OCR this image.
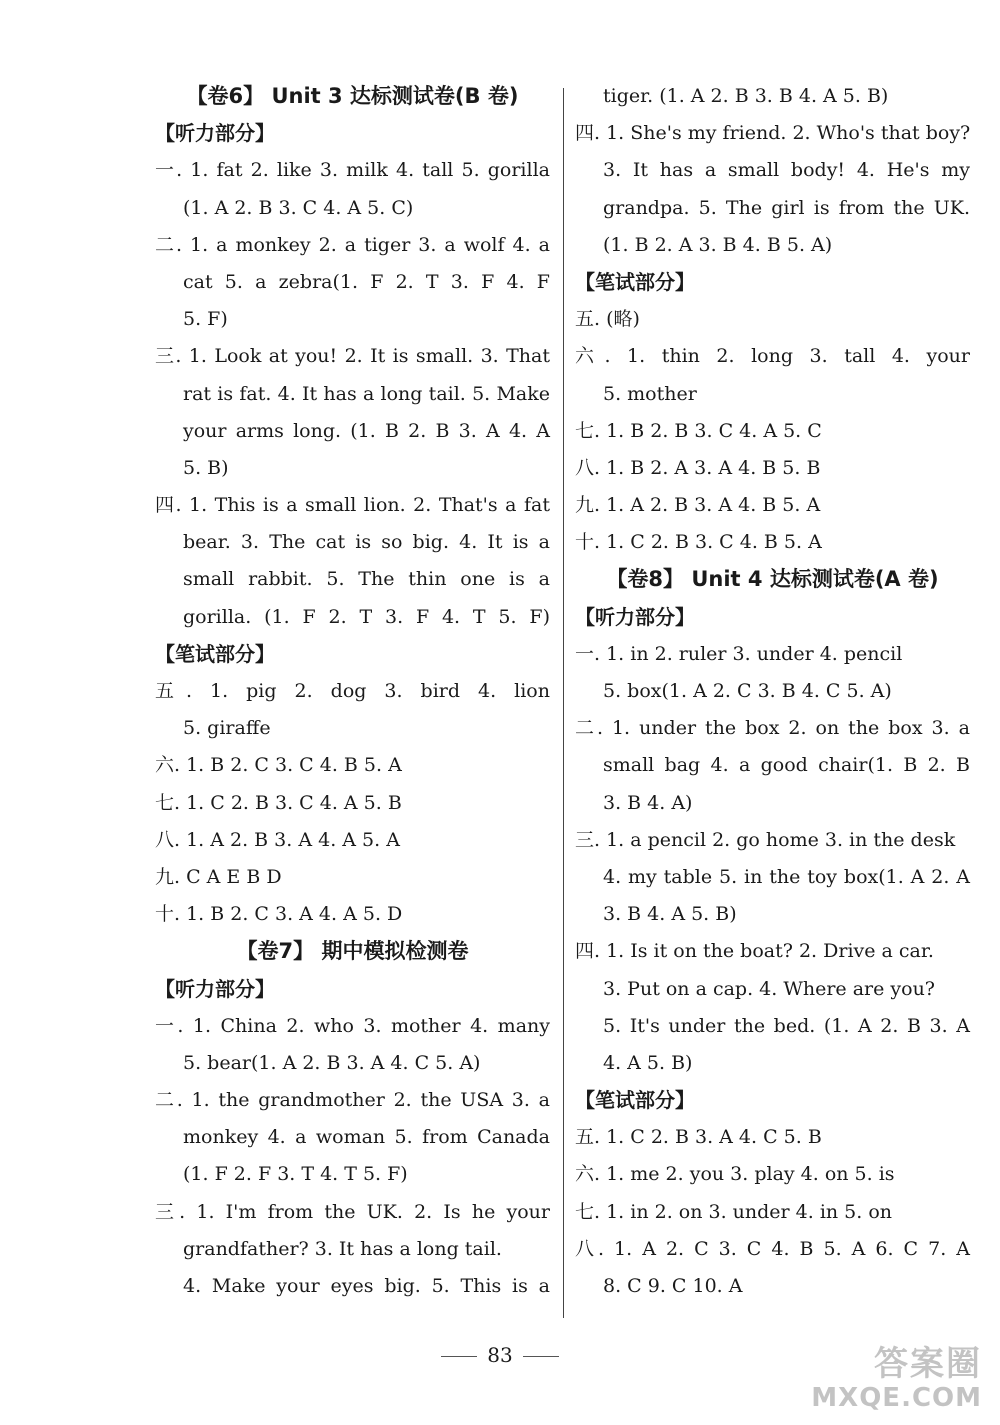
【卷6】 Unit 3 达标测试卷(B 卷)
【听力部分】
一. 1. fat 2. like 3. milk 4. tall 5. gorilla
(1. A 2. B 3. C 4. A 5. C)
二. 1. a monkey 2. a tiger 3. a wolf 4. a
cat 5. a zebra(1. F 2. T 3. F 4. F
5. F)
三. 1. Look at you! 2. It is small. 3. That
rat is fat. 4. It has a long tail. 5. Make
your arms long. (1. B 2. B 3. A 4. A
5. B)
四. 1. This is a small lion. 2. That's a fat
bear. 3. The cat is so big. 4. It is a
small rabbit. 5. The thin one is a
gorilla. (1. F 2. T 3. F 4. T 5. F)
【笔试部分】
五. 1. pig 2. dog 3. bird 4. lion
5. giraffe
六. 1. B 2. C 3. C 4. B 5. A
七. 1. C 2. B 3. C 4. A 5. B
八. 1. A 2. B 3. A 4. A 5. A
九. C A E B D
十. 1. B 2. C 3. A 4. A 5. D
【卷7】 期中模拟检测卷
【听力部分】
一. 1. China 2. who 3. mother 4. many
5. bear(1. A 2. B 3. A 4. C 5. A)
二. 1. the grandmother 2. the USA 3. a
monkey 4. a woman 5. from Canada
(1. F 2. F 3. T 4. T 5. F)
三. 1. I'm from the UK. 2. Is he your
grandfather? 3. It has a long tail.
4. Make your eyes big. 5. This is a
tiger. (1. A 2. B 3. B 4. A 5. B)
四. 1. She's my friend. 2. Who's that boy?
3. It has a small body! 4. He's my
grandpa. 5. The girl is from the UK.
(1. B 2. A 3. B 4. B 5. A)
【笔试部分】
五. (略)
六. 1. thin 2. long 3. tall 4. your
5. mother
七. 1. B 2. B 3. C 4. A 5. C
八. 1. B 2. A 3. A 4. B 5. B
九. 1. A 2. B 3. A 4. B 5. A
十. 1. C 2. B 3. C 4. B 5. A
【卷8】 Unit 4 达标测试卷(A 卷)
【听力部分】
一. 1. in 2. ruler 3. under 4. pencil
5. box(1. A 2. C 3. B 4. C 5. A)
二. 1. under the box 2. on the box 3. a
small bag 4. a good chair(1. B 2. B
3. B 4. A)
三. 1. a pencil 2. go home 3. in the desk
4. my table 5. in the toy box(1. A 2. A
3. B 4. A 5. B)
四. 1. Is it on the boat? 2. Drive a car.
3. Put on a cap. 4. Where are you?
5. It's under the bed. (1. A 2. B 3. A
4. A 5. B)
【笔试部分】
五. 1. C 2. B 3. A 4. C 5. B
六. 1. me 2. you 3. play 4. on 5. is
七. 1. in 2. on 3. under 4. in 5. on
八. 1. A 2. C 3. C 4. B 5. A 6. C 7. A
8. C 9. C 10. A
83	答案圈
MXQE.COM
